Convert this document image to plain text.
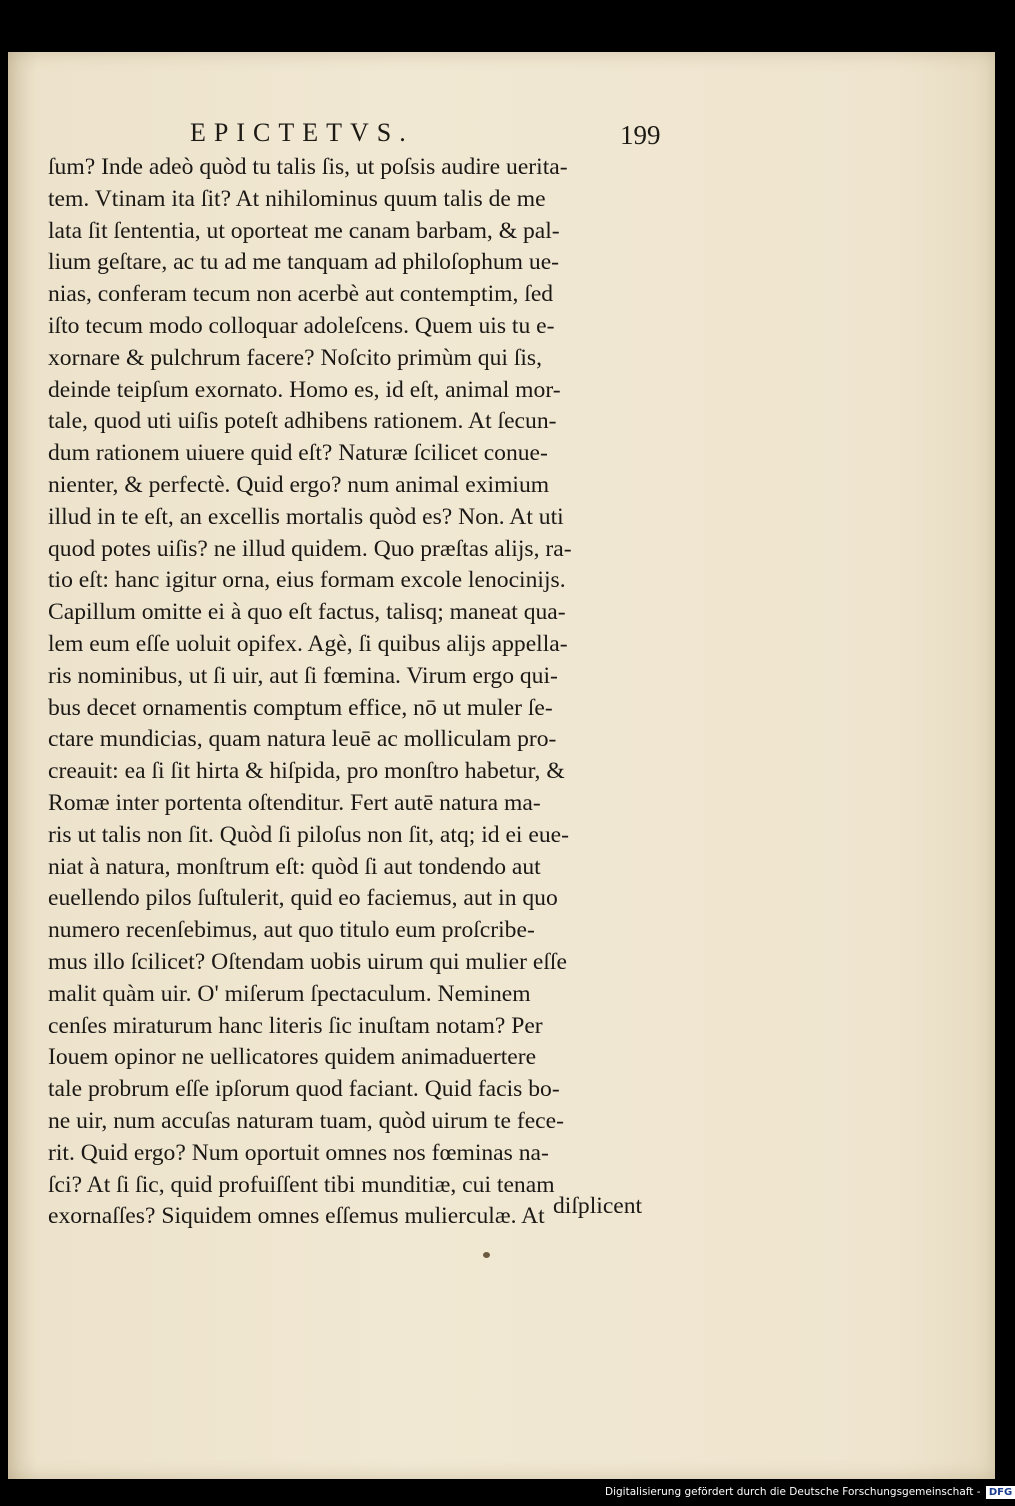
EPICTETVS.	199
ſum? Inde adeò quòd tu talis ſis, ut poſsis audire uerita-
tem. Vtinam ita ſit? At nihilominus quum talis de me
lata ſit ſententia, ut oporteat me canam barbam, & pal-
lium geſtare, ac tu ad me tanquam ad philoſophum ue-
nias, conferam tecum non acerbè aut contemptim, ſed
iſto tecum modo colloquar adoleſcens. Quem uis tu e-
xornare & pulchrum facere? Noſcito primùm qui ſis,
deinde teipſum exornato. Homo es, id eſt, animal mor-
tale, quod uti uiſis poteſt adhibens rationem. At ſecun-
dum rationem uiuere quid eſt? Naturæ ſcilicet conue-
nienter, & perfectè. Quid ergo? num animal eximium
illud in te eſt, an excellis mortalis quòd es? Non. At uti
quod potes uiſis? ne illud quidem. Quo præſtas alijs, ra-
tio eſt: hanc igitur orna, eius formam excole lenocinijs.
Capillum omitte ei à quo eſt factus, talisq; maneat qua-
lem eum eſſe uoluit opifex. Agè, ſi quibus alijs appella-
ris nominibus, ut ſi uir, aut ſi fœmina. Virum ergo qui-
bus decet ornamentis comptum effice, nō ut muler ſe-
ctare mundicias, quam natura leuē ac molliculam pro-
creauit: ea ſi ſit hirta & hiſpida, pro monſtro habetur, &
Romæ inter portenta oſtenditur. Fert autē natura ma-
ris ut talis non ſit. Quòd ſi piloſus non ſit, atq; id ei eue-
niat à natura, monſtrum eſt: quòd ſi aut tondendo aut
euellendo pilos ſuſtulerit, quid eo faciemus, aut in quo
numero recenſebimus, aut quo titulo eum proſcribe-
mus illo ſcilicet? Oſtendam uobis uirum qui mulier eſſe
malit quàm uir. O' miſerum ſpectaculum. Neminem
cenſes miraturum hanc literis ſic inuſtam notam? Per
Iouem opinor ne uellicatores quidem animaduertere
tale probrum eſſe ipſorum quod faciant. Quid facis bo-
ne uir, num accuſas naturam tuam, quòd uirum te fece-
rit. Quid ergo? Num oportuit omnes nos fœminas na-
ſci? At ſi ſic, quid profuiſſent tibi munditiæ, cui tenam
exornaſſes? Siquidem omnes eſſemus mulierculæ. At diſplicent
Digitalisierung gefördert durch die Deutsche Forschungsgemeinschaft - DFG
